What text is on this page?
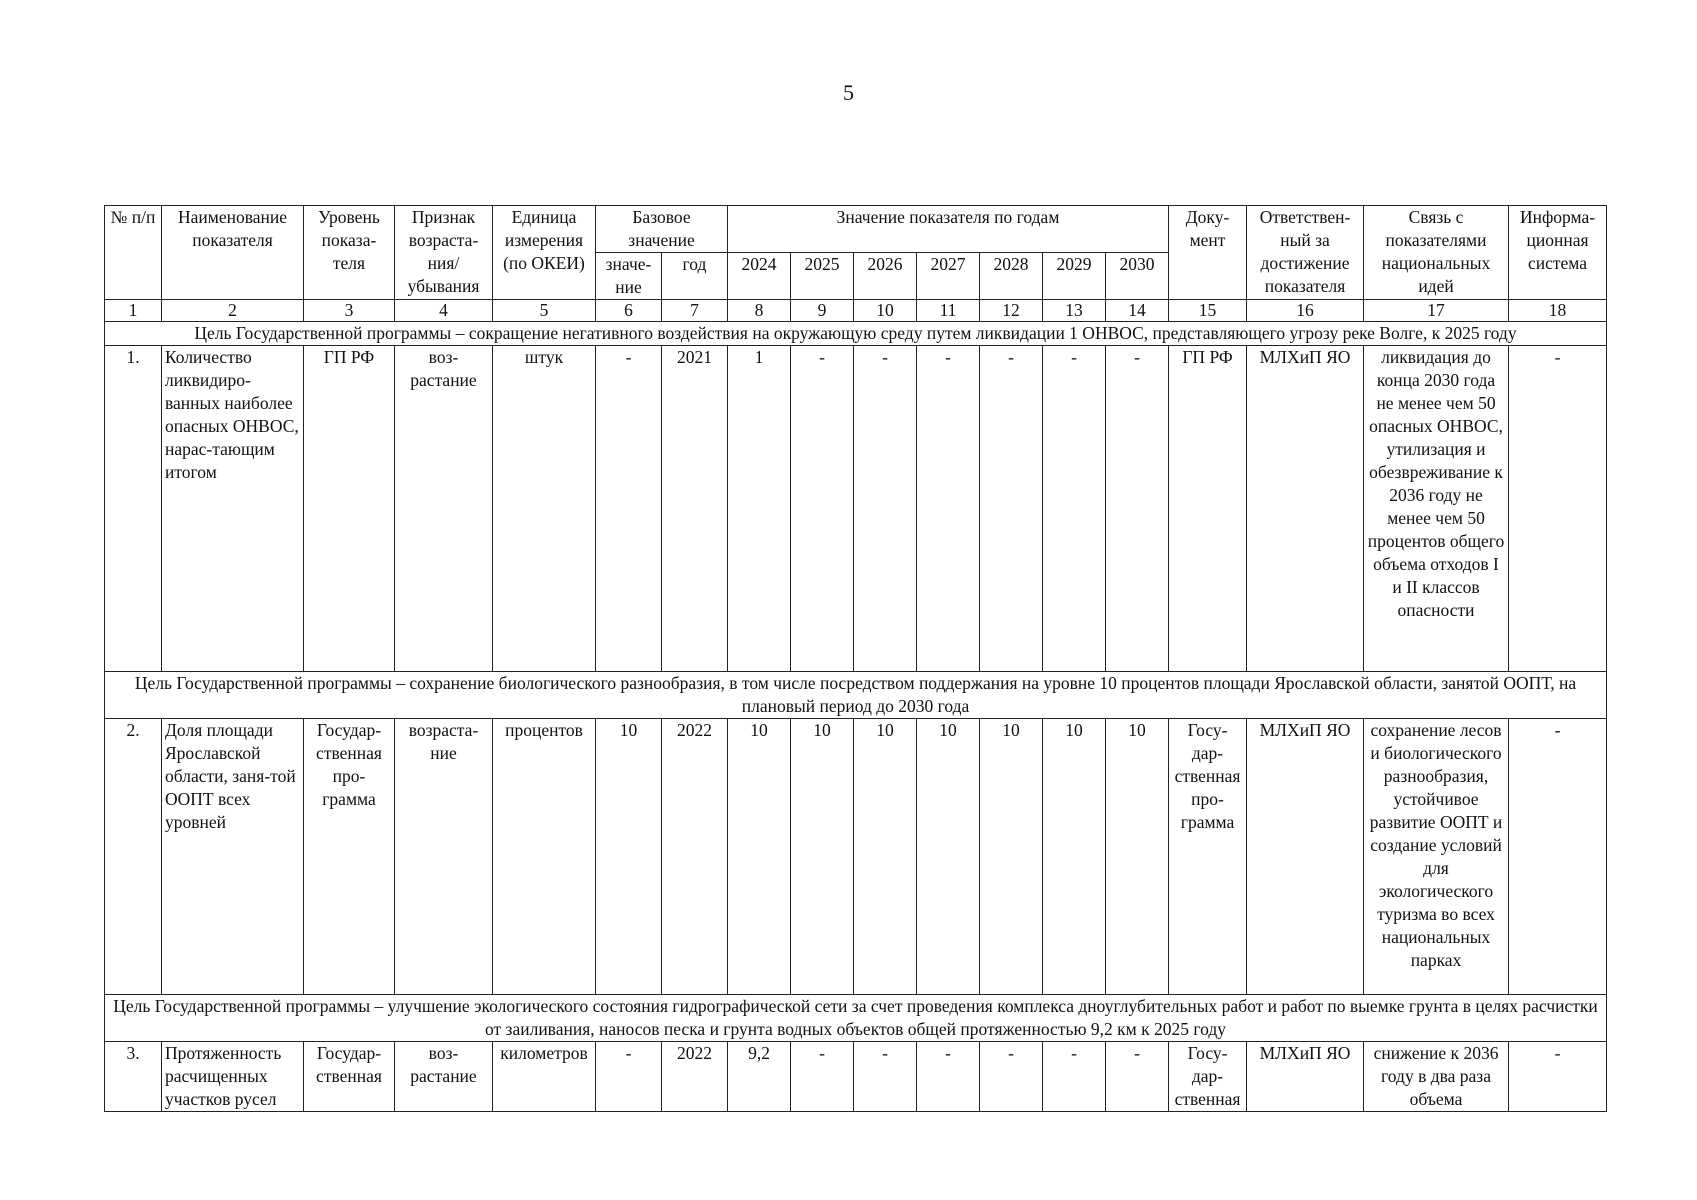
5
№ п/п	Наименование показателя	Уровень показа-теля	Признак возраста-ния/ убывания	Единица измерения (по ОКЕИ)	Базовое значение		Значение показателя по годам							Доку-мент	Ответствен-ный за достижение показателя	Связь с показателями национальных идей	Информа-ционная система
					значе-ние	год	2024	2025	2026	2027	2028	2029	2030				
1	2	3	4	5	6	7	8	9	10	11	12	13	14	15	16	17	18
Цель Государственной программы – сокращение негативного воздействия на окружающую среду путем ликвидации 1 ОНВОС, представляющего угрозу реке Волге, к 2025 году																	
1.	Количество ликвидиро-ванных наиболее опасных ОНВОС, нарас-тающим итогом	ГП РФ	воз-растание	штук	-	2021	1	-	-	-	-	-	-	ГП РФ	МЛХиП ЯО	ликвидация до конца 2030 года не менее чем 50 опасных ОНВОС, утилизация и обезвреживание к 2036 году не менее чем 50 процентов общего объема отходов I и II классов опасности	-
Цель Государственной программы – сохранение биологического разнообразия, в том числе посредством поддержания на уровне 10 процентов площади Ярославской области, занятой ООПТ, на плановый период до 2030 года																	
2.	Доля площади Ярославской области, заня-той ООПТ всех уровней	Государ-ственная про-грамма	возраста-ние	процентов	10	2022	10	10	10	10	10	10	10	Госу-дар-ственная про-грамма	МЛХиП ЯО	сохранение лесов и биологического разнообразия, устойчивое развитие ООПТ и создание условий для экологического туризма во всех национальных парках	-
Цель Государственной программы – улучшение экологического состояния гидрографической сети за счет проведения комплекса дноуглубительных работ и работ по выемке грунта в целях расчистки от заиливания, наносов песка и грунта водных объектов общей протяженностью 9,2 км к 2025 году																	
3.	Протяженность расчищенных участков русел	Государ-ственная	воз-растание	километров	-	2022	9,2	-	-	-	-	-	-	Госу-дар-ственная	МЛХиП ЯО	снижение к 2036 году в два раза объема	-
